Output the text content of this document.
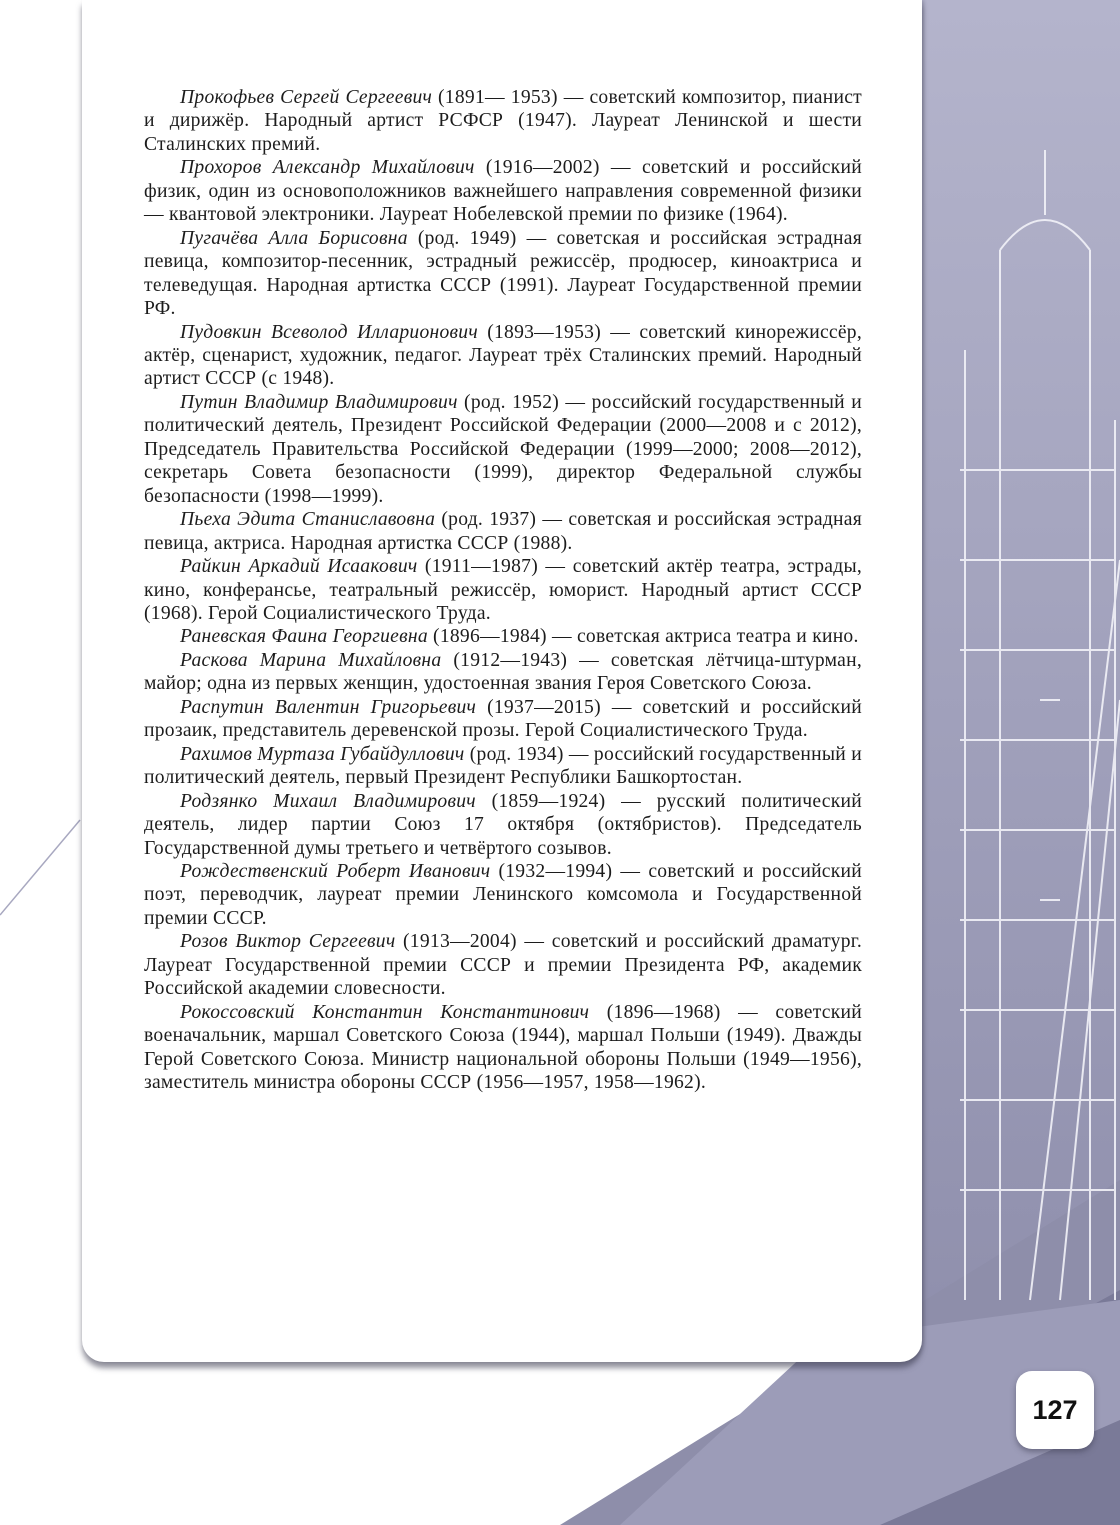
Прокофьев Сергей Сергеевич (1891— 1953) — советский композитор, пианист и дирижёр. Народный артист РСФСР (1947). Лауреат Ленинской и шести Сталинских премий.

Прохоров Александр Михайлович (1916—2002) — советский и российский физик, один из основоположников важнейшего направления современной физики — квантовой электроники. Лауреат Нобелевской премии по физике (1964).

Пугачёва Алла Борисовна (род. 1949) — советская и российская эстрадная певица, композитор-песенник, эстрадный режиссёр, продюсер, киноактриса и телеведущая. Народная артистка СССР (1991). Лауреат Государственной премии РФ.

Пудовкин Всеволод Илларионович (1893—1953) — советский кинорежиссёр, актёр, сценарист, художник, педагог. Лауреат трёх Сталинских премий. Народный артист СССР (с 1948).

Путин Владимир Владимирович (род. 1952) — российский государственный и политический деятель, Президент Российской Федерации (2000—2008 и с 2012), Председатель Правительства Российской Федерации (1999—2000; 2008—2012), секретарь Совета безопасности (1999), директор Федеральной службы безопасности (1998—1999).

Пьеха Эдита Станиславовна (род. 1937) — советская и российская эстрадная певица, актриса. Народная артистка СССР (1988).

Райкин Аркадий Исаакович (1911—1987) — советский актёр театра, эстрады, кино, конферансье, театральный режиссёр, юморист. Народный артист СССР (1968). Герой Социалистического Труда.

Раневская Фаина Георгиевна (1896—1984) — советская актриса театра и кино.

Раскова Марина Михайловна (1912—1943) — советская лётчица-штурман, майор; одна из первых женщин, удостоенная звания Героя Советского Союза.

Распутин Валентин Григорьевич (1937—2015) — советский и российский прозаик, представитель деревенской прозы. Герой Социалистического Труда.

Рахимов Муртаза Губайдуллович (род. 1934) — российский государственный и политический деятель, первый Президент Республики Башкортостан.

Родзянко Михаил Владимирович (1859—1924) — русский политический деятель, лидер партии Союз 17 октября (октябристов). Председатель Государственной думы третьего и четвёртого созывов.

Рождественский Роберт Иванович (1932—1994) — советский и российский поэт, переводчик, лауреат премии Ленинского комсомола и Государственной премии СССР.

Розов Виктор Сергеевич (1913—2004) — советский и российский драматург. Лауреат Государственной премии СССР и премии Президента РФ, академик Российской академии словесности.

Рокоссовский Константин Константинович (1896—1968) — советский военачальник, маршал Советского Союза (1944), маршал Польши (1949). Дважды Герой Советского Союза. Министр национальной обороны Польши (1949—1956), заместитель министра обороны СССР (1956—1957, 1958—1962).

127
